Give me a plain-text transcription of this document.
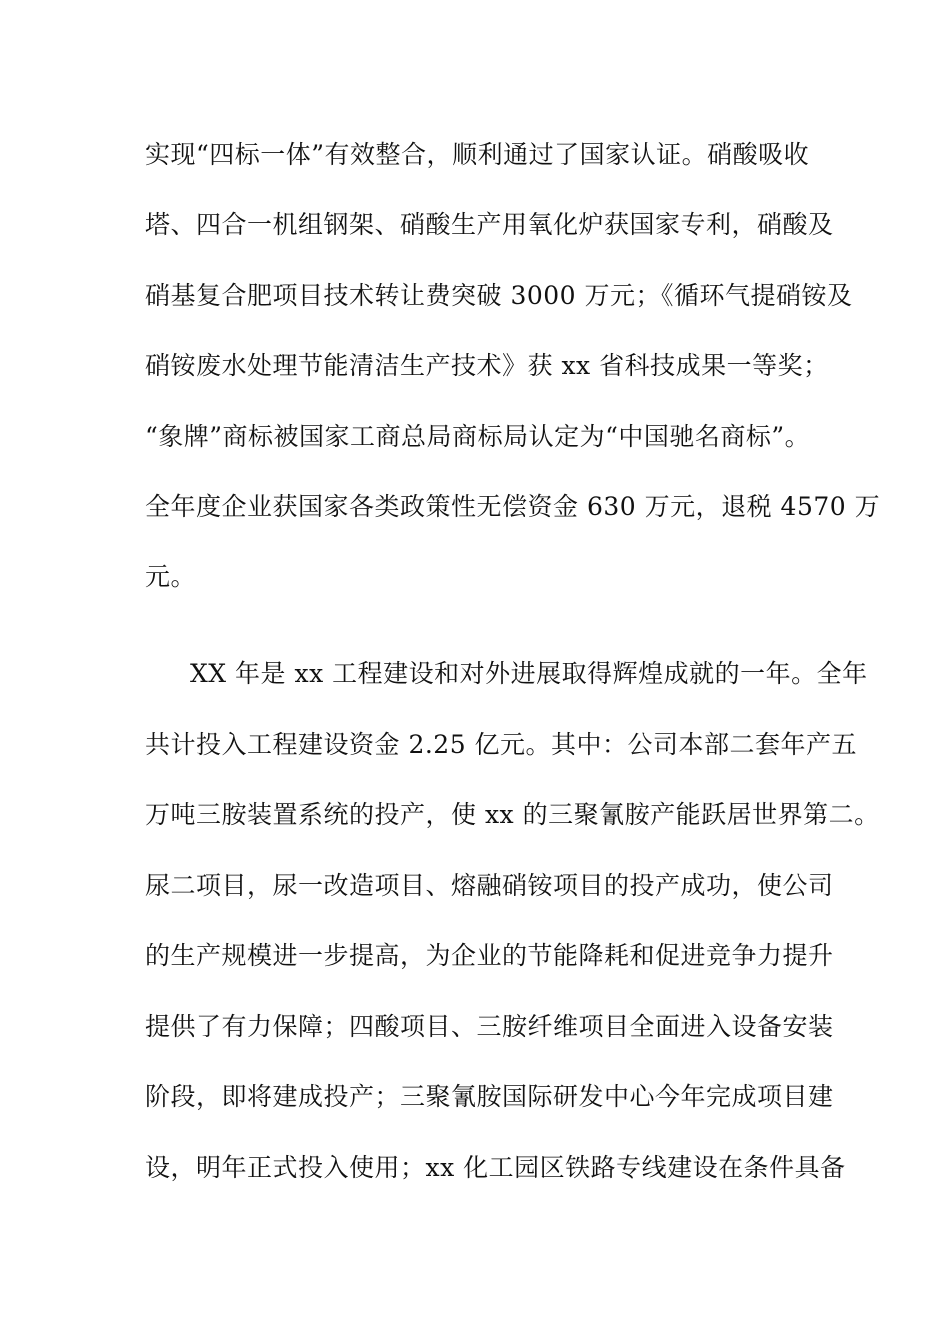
实现“四标一体”有效整合，顺利通过了国家认证。硝酸吸收
塔、四合一机组钢架、硝酸生产用氧化炉获国家专利，硝酸及
硝基复合肥项目技术转让费突破 3000 万元；《循环气提硝铵及
硝铵废水处理节能清洁生产技术》获 xx 省科技成果一等奖；
“象牌”商标被国家工商总局商标局认定为“中国驰名商标”。
全年度企业获国家各类政策性无偿资金 630 万元，退税 4570 万
元。
XX 年是 xx 工程建设和对外进展取得辉煌成就的一年。全年
共计投入工程建设资金 2.25 亿元。其中：公司本部二套年产五
万吨三胺装置系统的投产，使 xx 的三聚氰胺产能跃居世界第二。
尿二项目，尿一改造项目、熔融硝铵项目的投产成功，使公司
的生产规模进一步提高，为企业的节能降耗和促进竞争力提升
提供了有力保障；四酸项目、三胺纤维项目全面进入设备安装
阶段，即将建成投产；三聚氰胺国际研发中心今年完成项目建
设，明年正式投入使用；xx 化工园区铁路专线建设在条件具备
